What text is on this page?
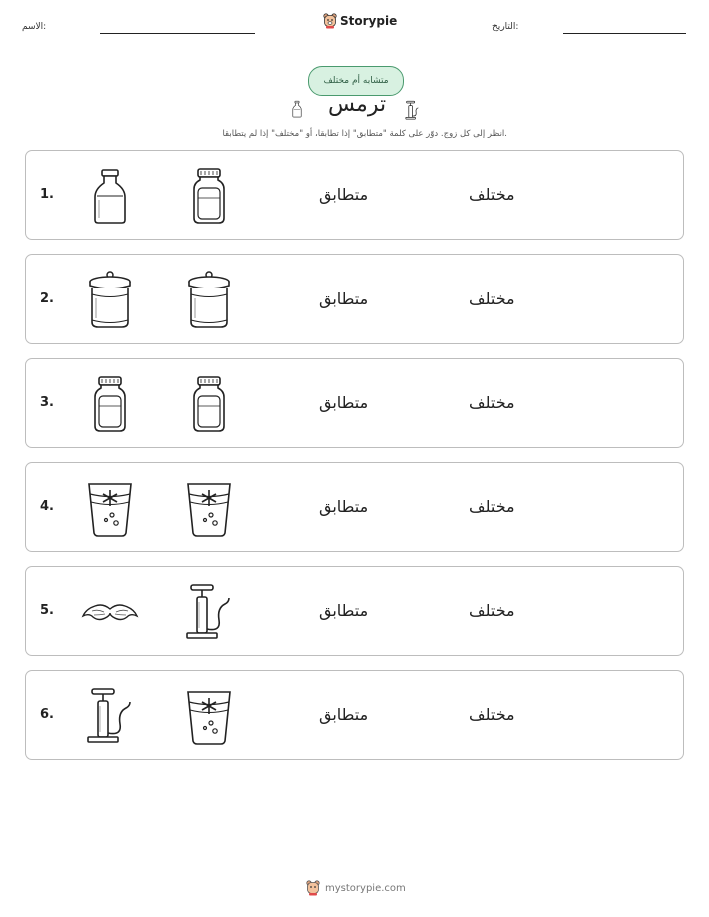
الاسم:	Storypie	التاريخ:
متشابه أم مختلف
ترمس
انظر إلى كل زوج. دوّر على كلمة "متطابق" إذا تطابقا، أو "مختلف" إذا لم يتطابقا.
1.	متطابق	مختلف
2.	متطابق	مختلف
3.	متطابق	مختلف
4.	متطابق	مختلف
5.	متطابق	مختلف
6.	متطابق	مختلف
mystorypie.com
